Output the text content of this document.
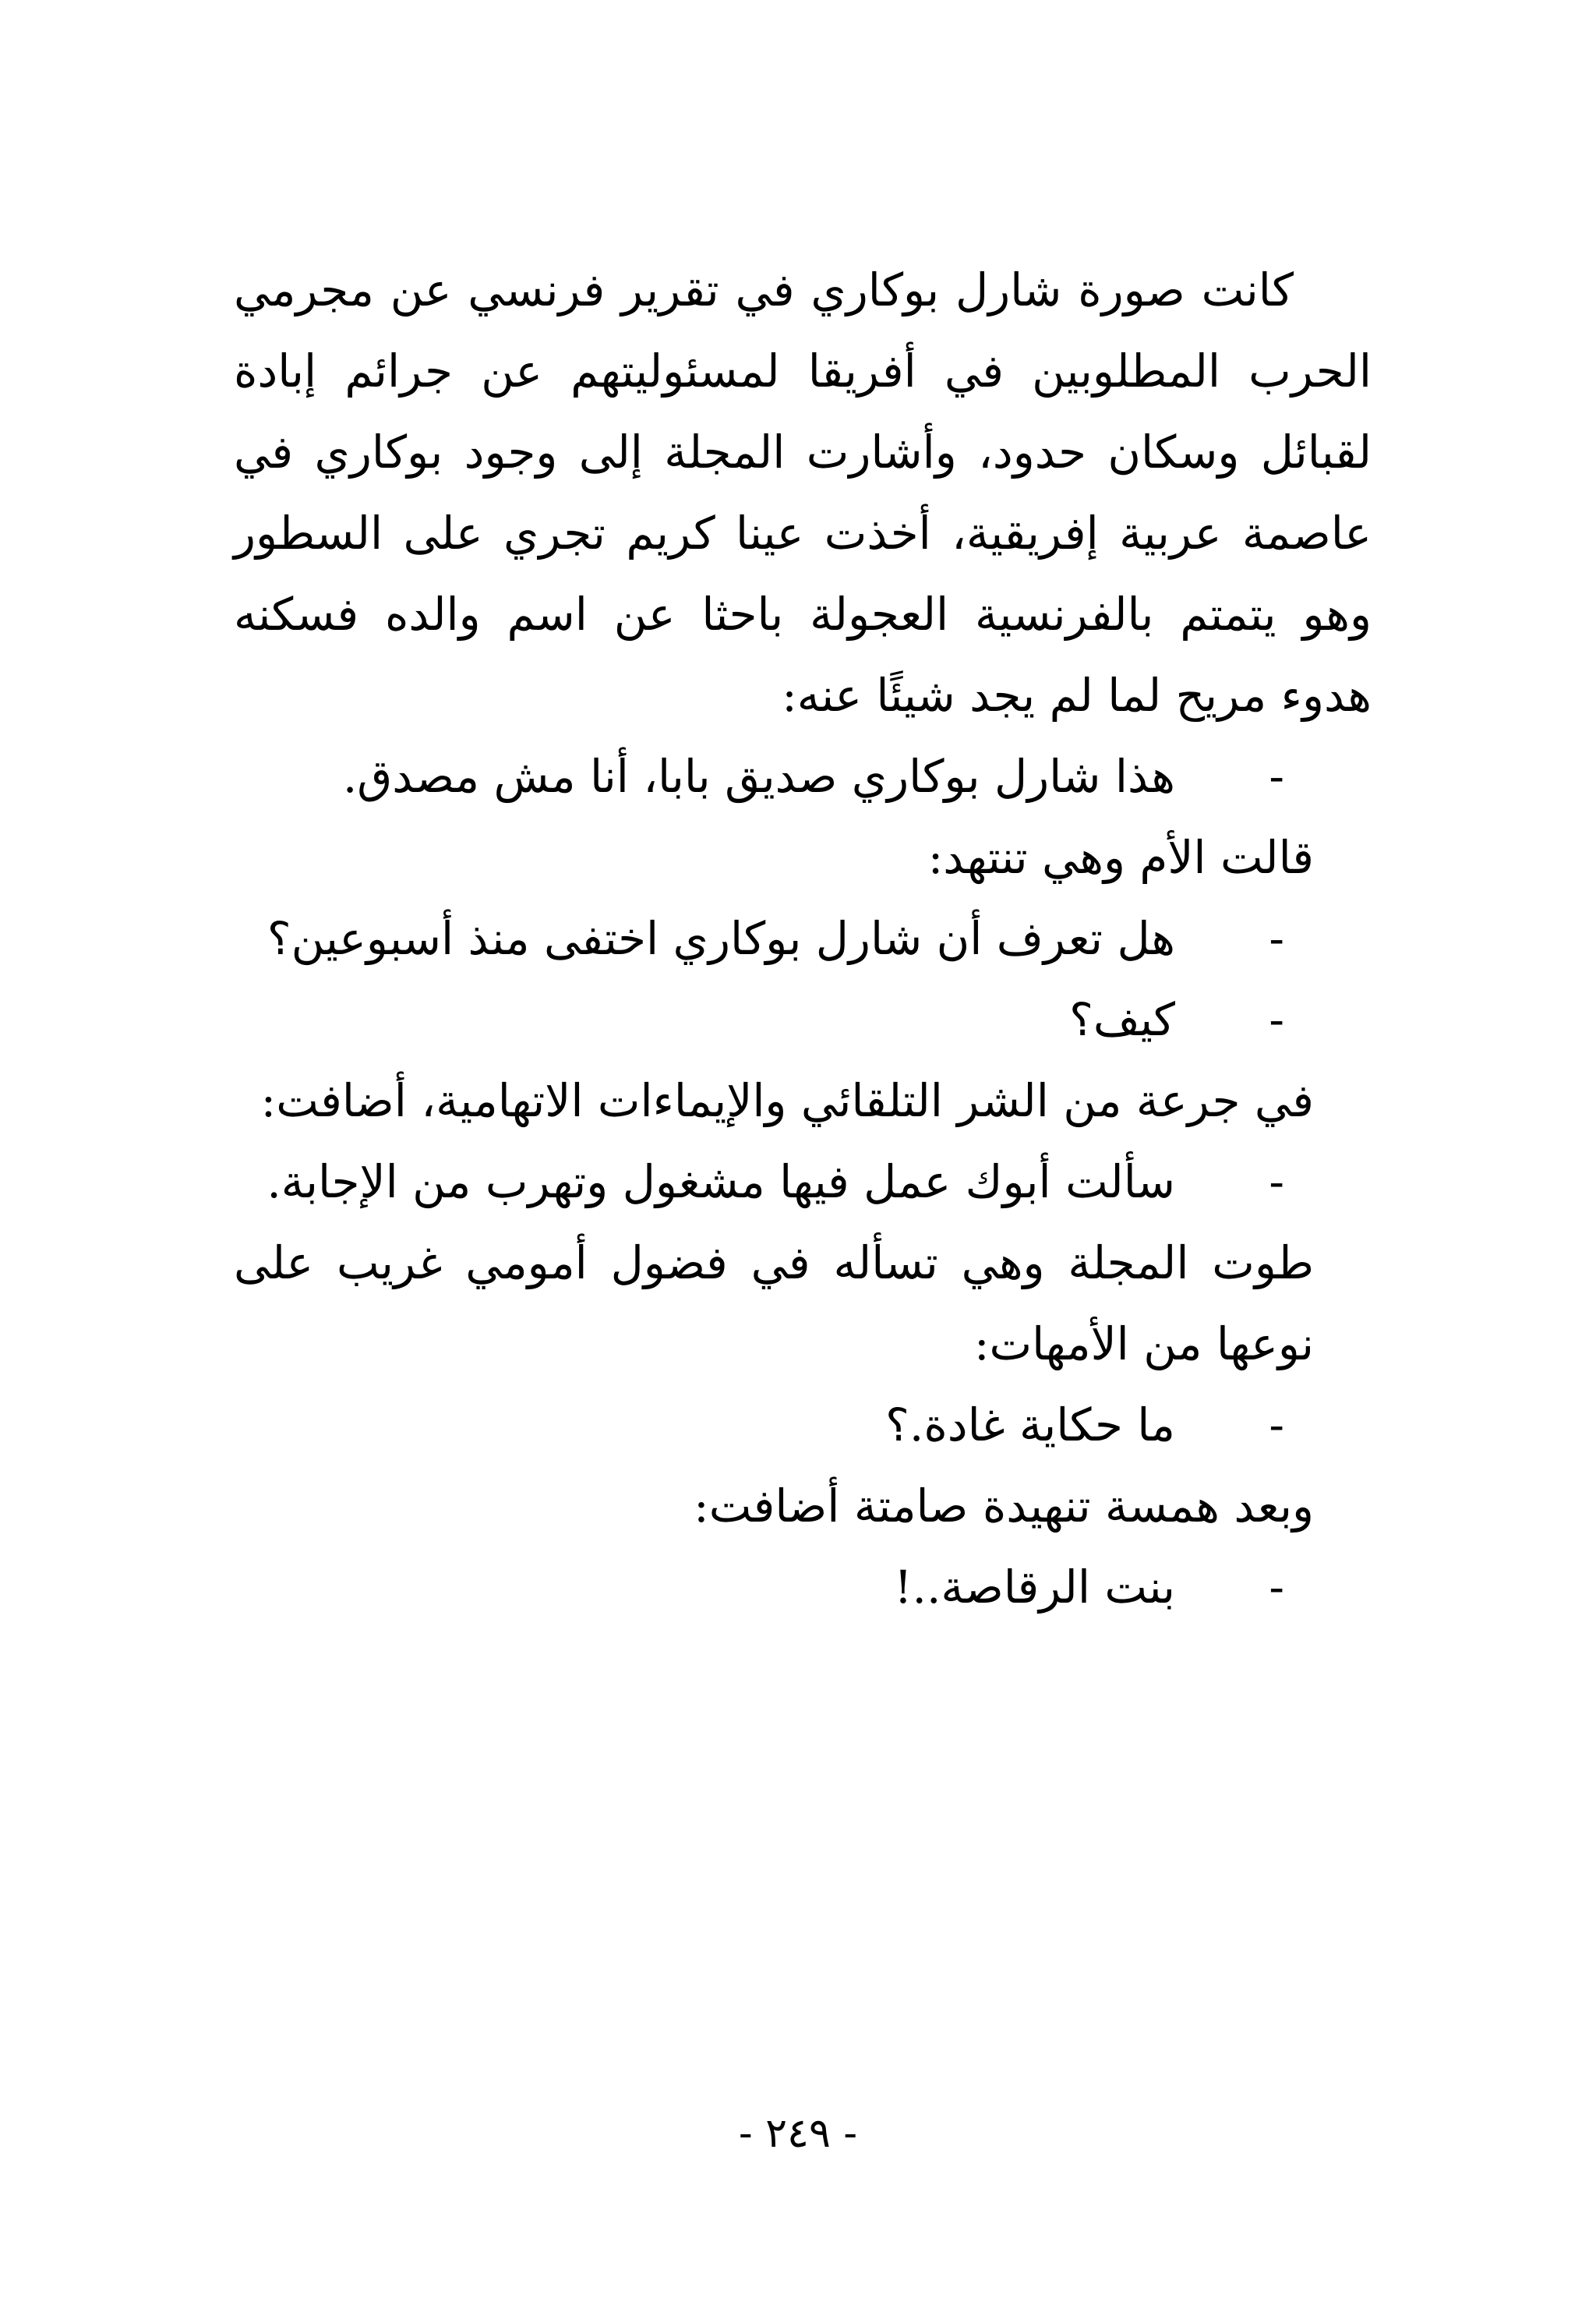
كانت صورة شارل بوكاري في تقرير فرنسي عن مجرمي الحرب المطلوبين في أفريقا لمسئوليتهم عن جرائم إبادة لقبائل وسكان حدود، وأشارت المجلة إلى وجود بوكاري في عاصمة عربية إفريقية، أخذت عينا كريم تجري على السطور وهو يتمتم بالفرنسية العجولة باحثا عن اسم والده فسكنه هدوء مريح لما لم يجد شيئًا عنه:

-
هذا شارل بوكاري صديق بابا، أنا مش مصدق.

قالت الأم وهي تنتهد:

-
هل تعرف أن شارل بوكاري اختفى منذ أسبوعين؟
-
كيف؟

في جرعة من الشر التلقائي والإيماءات الاتهامية، أضافت:

-
سألت أبوك عمل فيها مشغول وتهرب من الإجابة.

طوت المجلة وهي تسأله في فضول أمومي غريب على نوعها من الأمهات:

-
ما حكاية غادة.؟

وبعد همسة تنهيدة صامتة أضافت:

-
بنت الرقاصة..!
- ٢٤٩ -
